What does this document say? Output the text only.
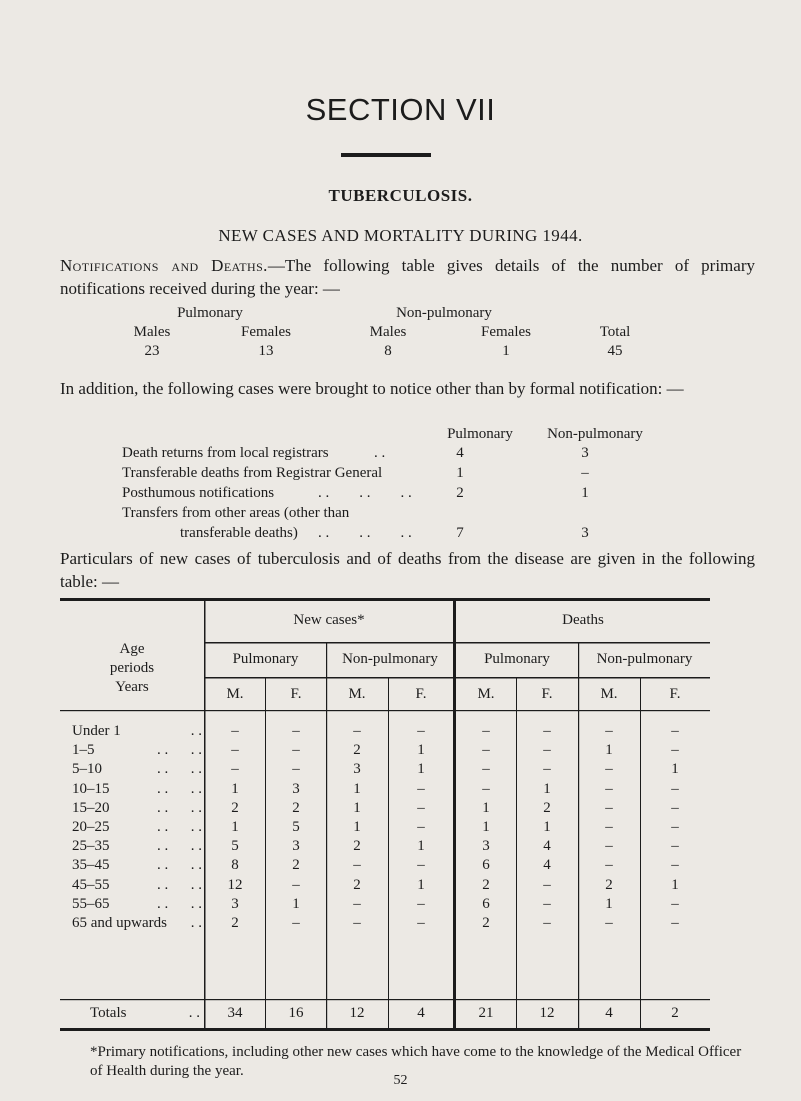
SECTION VII
TUBERCULOSIS.
NEW CASES AND MORTALITY DURING 1944.
Notifications and Deaths.—The following table gives details of the number of primary notifications received during the year: —
Pulmonary	Non-pulmonary
Males	Females	Males	Females	Total
23	13	8	1	45
In addition, the following cases were brought to notice other than by formal notification: —
Pulmonary	Non-pulmonary
Death returns from local registrars	. .	4	3
Transferable deaths from Registrar General	1	–
Posthumous notifications	. .        . .        . .	2	1
Transfers from other areas (other than
transferable deaths) . .        . .        . .	7	3
Particulars of new cases of tuberculosis and of deaths from the disease are given in the following table: —
Age
periods
Years
New cases*	Deaths
Pulmonary	Non-pulmonary	Pulmonary	Non-pulmonary
M.	F.	M.	F.	M.	F.	M.	F.
Under 1	. .	–	–	–	–	–	–	–	–
1–5	. .      . .	–	–	2	1	–	–	1	–
5–10	. .      . .	–	–	3	1	–	–	–	1
10–15	. .      . .	1	3	1	–	–	1	–	–
15–20	. .      . .	2	2	1	–	1	2	–	–
20–25	. .      . .	1	5	1	–	1	1	–	–
25–35	. .      . .	5	3	2	1	3	4	–	–
35–45	. .      . .	8	2	–	–	6	4	–	–
45–55	. .      . .	12	–	2	1	2	–	2	1
55–65	. .      . .	3	1	–	–	6	–	1	–
65 and upwards	. .	2	–	–	–	2	–	–	–
Totals	. .	34	16	12	4	21	12	4	2
*Primary notifications, including other new cases which have come to the knowledge of the Medical Officer of Health during the year.
52
